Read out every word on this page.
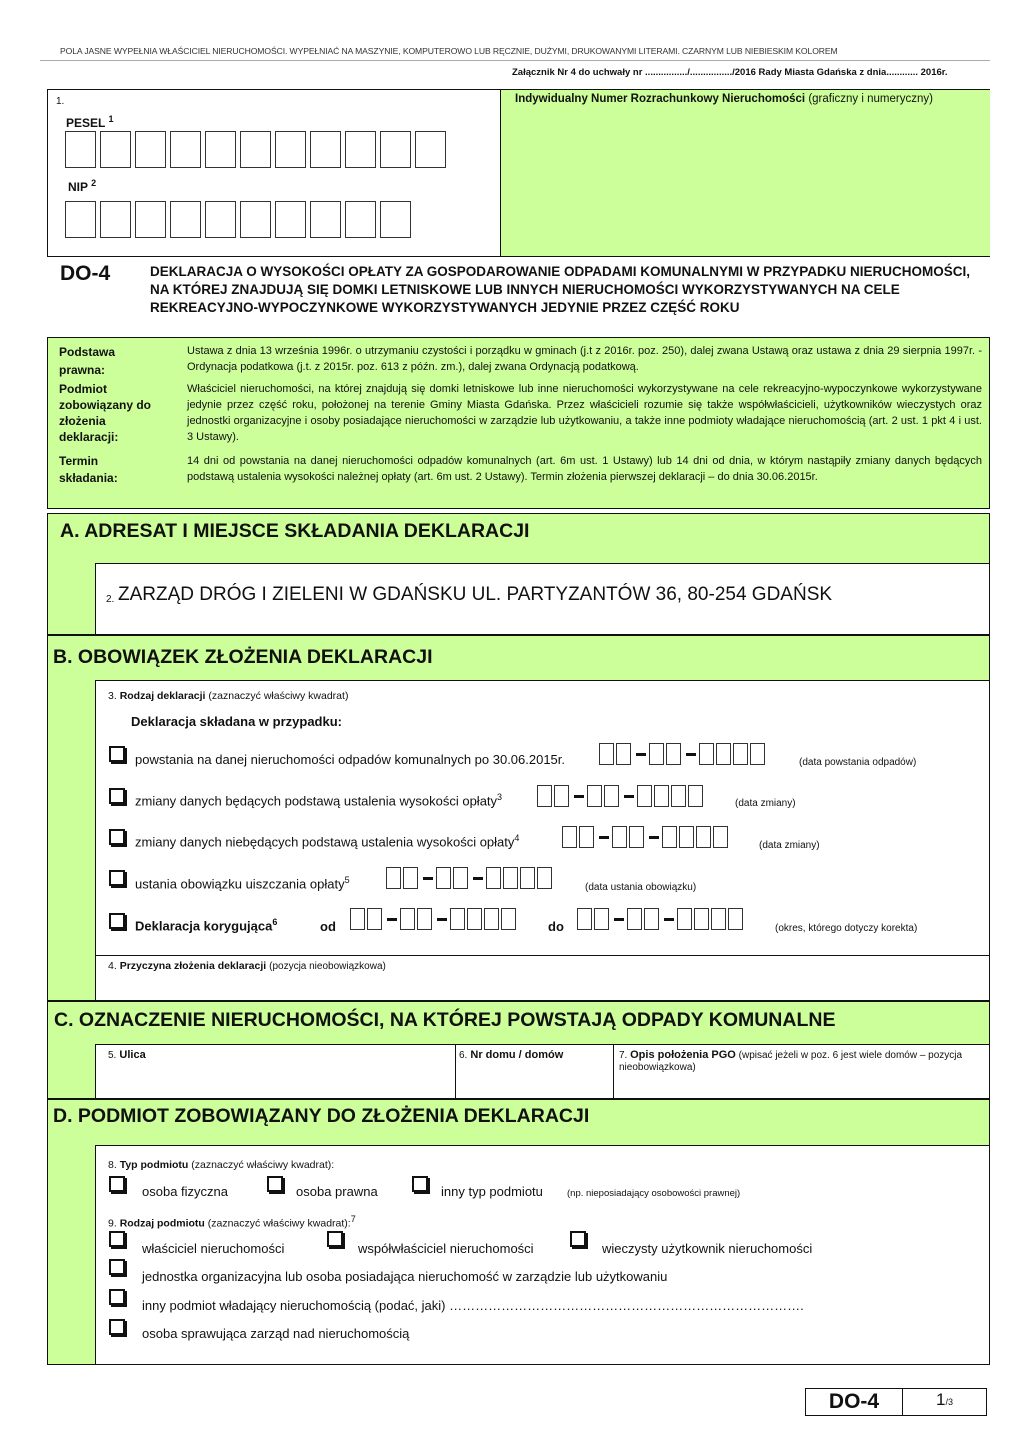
POLA JASNE WYPEŁNIA WŁAŚCICIEL NIERUCHOMOŚCI. WYPEŁNIAĆ NA MASZYNIE, KOMPUTEROWO LUB RĘCZNIE, DUŻYMI, DRUKOWANYMI LITERAMI. CZARNYM LUB NIEBIESKIM KOLOREM
Załącznik Nr 4 do uchwały nr ................/................/2016 Rady Miasta Gdańska z dnia............ 2016r.
1.
PESEL $^1$
NIP $^2$
Indywidualny Numer Rozrachunkowy Nieruchomości (graficzny i numeryczny)
DO-4	DEKLARACJA O WYSOKOŚCI OPŁATY ZA GOSPODAROWANIE ODPADAMI KOMUNALNYMI W PRZYPADKU NIERUCHOMOŚCI, NA KTÓREJ ZNAJDUJĄ SIĘ DOMKI LETNISKOWE LUB INNYCH NIERUCHOMOŚCI WYKORZYSTYWANYCH NA CELE REKREACYJNO-WYPOCZYNKOWE WYKORZYSTYWANYCH JEDYNIE PRZEZ CZĘŚĆ ROKU
Podstawa prawna:
Ustawa z dnia 13 września 1996r. o utrzymaniu czystości i porządku w gminach (j.t z 2016r. poz. 250), dalej zwana Ustawą oraz ustawa z dnia 29 sierpnia 1997r. - Ordynacja podatkowa (j.t. z 2015r. poz. 613 z późn. zm.), dalej zwana Ordynacją podatkową.
Podmiot zobowiązany do złożenia deklaracji:
Właściciel nieruchomości, na której znajdują się domki letniskowe lub inne nieruchomości wykorzystywane na cele rekreacyjno-wypoczynkowe wykorzystywane jedynie przez część roku, położonej na terenie Gminy Miasta Gdańska. Przez właścicieli rozumie się także współwłaścicieli, użytkowników wieczystych oraz jednostki organizacyjne i osoby posiadające nieruchomości w zarządzie lub użytkowaniu, a także inne podmioty władające nieruchomością (art. 2 ust. 1 pkt 4 i ust. 3 Ustawy).
Termin składania:
14 dni od powstania na danej nieruchomości odpadów komunalnych (art. 6m ust. 1 Ustawy) lub 14 dni od dnia, w którym nastąpiły zmiany danych będących podstawą ustalenia wysokości należnej opłaty (art. 6m ust. 2 Ustawy). Termin złożenia pierwszej deklaracji – do dnia 30.06.2015r.
A. ADRESAT I MIEJSCE SKŁADANIA DEKLARACJI
2. ZARZĄD DRÓG I ZIELENI W GDAŃSKU UL. PARTYZANTÓW 36, 80-254 GDAŃSK
B. OBOWIĄZEK ZŁOŻENIA DEKLARACJI
3. Rodzaj deklaracji (zaznaczyć właściwy kwadrat)
Deklaracja składana w przypadku:
powstania na danej nieruchomości odpadów komunalnych po 30.06.2015r.	(data powstania odpadów)
zmiany danych będących podstawą ustalenia wysokości opłaty$^3$
(data zmiany)
zmiany danych niebędących podstawą ustalenia wysokości opłaty$^4$
(data zmiany)
ustania obowiązku uiszczania opłaty$^5$
(data ustania obowiązku)
Deklaracja korygująca$^6$	od	do	(okres, którego dotyczy korekta)
4. Przyczyna złożenia deklaracji (pozycja nieobowiązkowa)
C. OZNACZENIE NIERUCHOMOŚCI, NA KTÓREJ POWSTAJĄ ODPADY KOMUNALNE
5. Ulica	6. Nr domu / domów	7. Opis położenia PGO (wpisać jeżeli w poz. 6 jest wiele domów – pozycja nieobowiązkowa)
D. PODMIOT ZOBOWIĄZANY DO ZŁOŻENIA DEKLARACJI
8. Typ podmiotu (zaznaczyć właściwy kwadrat):
osoba fizyczna	osoba prawna	inny typ podmiotu	(np. nieposiadający osobowości prawnej)
9. Rodzaj podmiotu (zaznaczyć właściwy kwadrat):$^7$
właściciel nieruchomości	współwłaściciel nieruchomości	wieczysty użytkownik nieruchomości
jednostka organizacyjna lub osoba posiadająca nieruchomość w zarządzie lub użytkowaniu
inny podmiot władający nieruchomością (podać, jaki) ……………………………………………………………………….
osoba sprawująca zarząd nad nieruchomością
DO-4	1/3
